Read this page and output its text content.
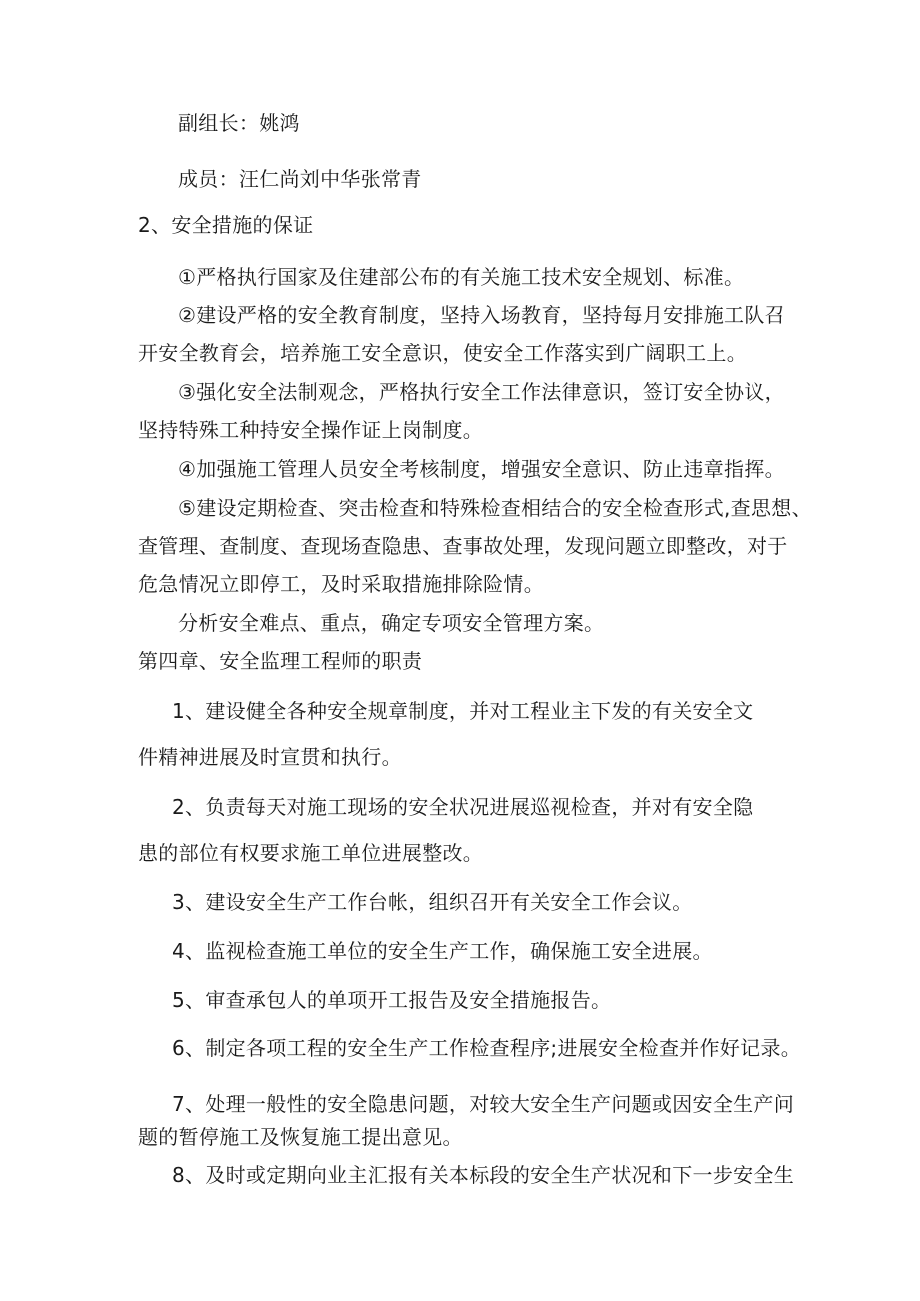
副组长：姚鸿
成员：汪仁尚刘中华张常青
2、安全措施的保证
①严格执行国家及住建部公布的有关施工技术安全规划、标准。
②建设严格的安全教育制度，坚持入场教育，坚持每月安排施工队召
开安全教育会，培养施工安全意识，使安全工作落实到广阔职工上。
③强化安全法制观念，严格执行安全工作法律意识，签订安全协议，
坚持特殊工种持安全操作证上岗制度。
④加强施工管理人员安全考核制度，增强安全意识、防止违章指挥。
⑤建设定期检查、突击检查和特殊检查相结合的安全检查形式,查思想、
查管理、查制度、查现场查隐患、查事故处理，发现问题立即整改，对于
危急情况立即停工，及时采取措施排除险情。
分析安全难点、重点，确定专项安全管理方案。
第四章、安全监理工程师的职责
1、建设健全各种安全规章制度，并对工程业主下发的有关安全文
件精神进展及时宣贯和执行。
2、负责每天对施工现场的安全状况进展巡视检查，并对有安全隐
患的部位有权要求施工单位进展整改。
3、建设安全生产工作台帐，组织召开有关安全工作会议。
4、监视检查施工单位的安全生产工作，确保施工安全进展。
5、审查承包人的单项开工报告及安全措施报告。
6、制定各项工程的安全生产工作检查程序;进展安全检查并作好记录。
7、处理一般性的安全隐患问题，对较大安全生产问题或因安全生产问
题的暂停施工及恢复施工提出意见。
8、及时或定期向业主汇报有关本标段的安全生产状况和下一步安全生
